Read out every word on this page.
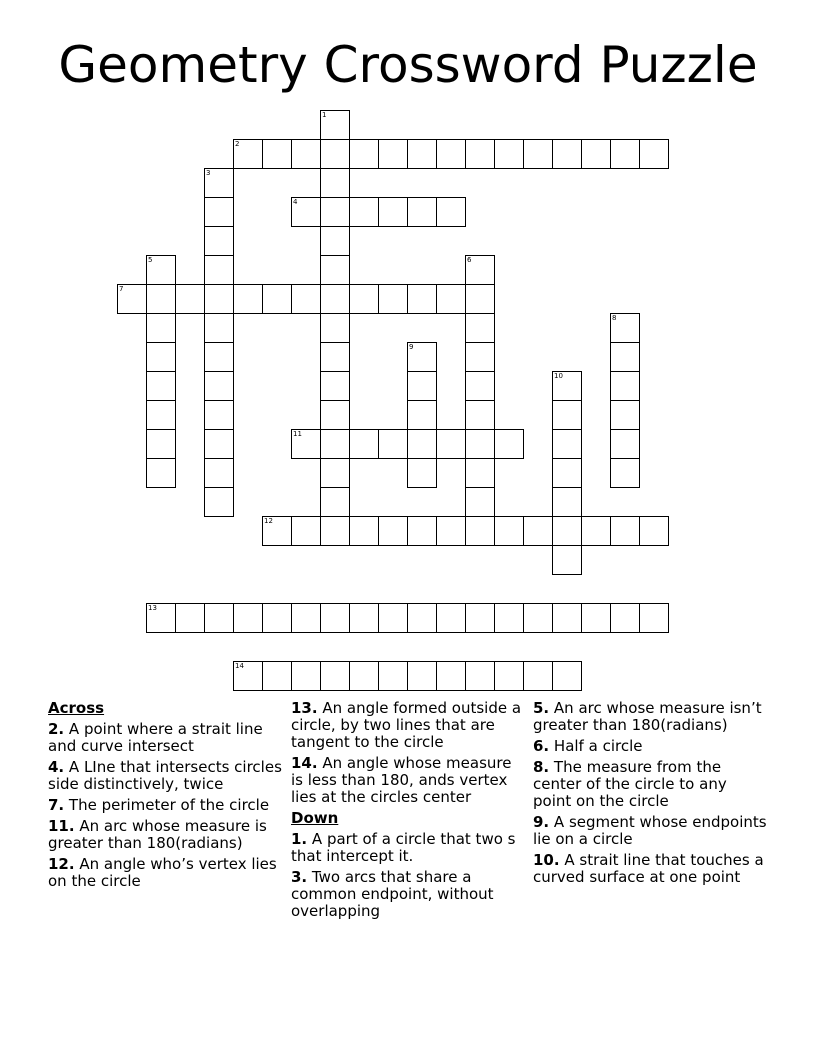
Geometry Crossword Puzzle
1
2
3
4
5	6
7
8
9
10
11
12
13
14
Across
2. A point where a strait line and curve intersect
4. A LIne that intersects circles side distinctively, twice
7. The perimeter of the circle
11. An arc whose measure is greater than 180(radians)
12. An angle who’s vertex lies on the circle
13. An angle formed outside a circle, by two lines that are tangent to the circle
14. An angle whose measure is less than 180, ands vertex lies at the circles center
Down
1. A part of a circle that two s that intercept it.
3. Two arcs that share a common endpoint, without overlapping
5. An arc whose measure isn’t greater than 180(radians)
6. Half a circle
8. The measure from the center of the circle to any point on the circle
9. A segment whose endpoints lie on a circle
10. A strait line that touches a curved surface at one point
